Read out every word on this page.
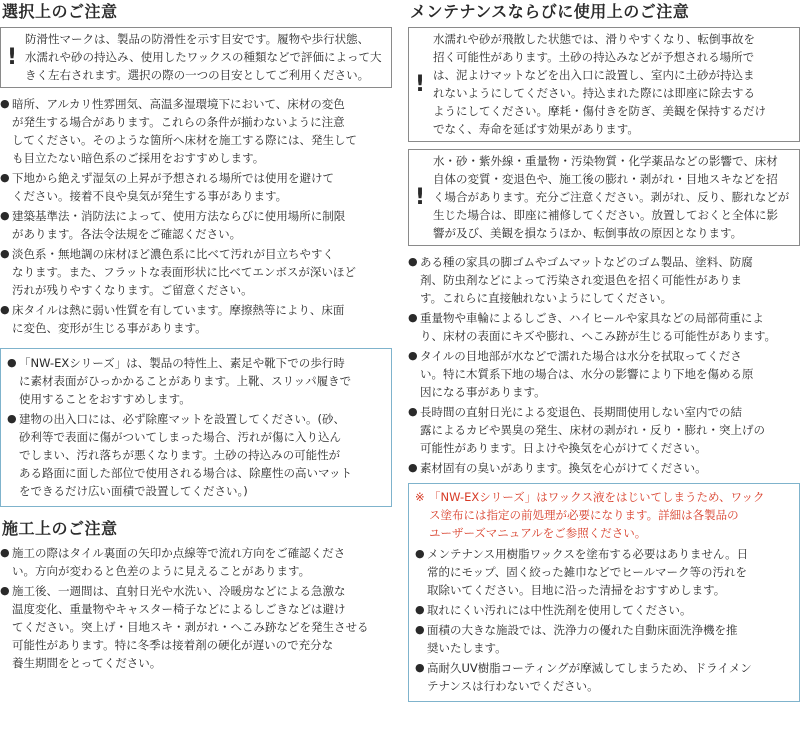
選択上のご注意
!
防滑性マークは、製品の防滑性を示す目安です。履物や歩行状態、
水濡れや砂の持込み、使用したワックスの種類などで評価によって大
きく左右されます。選択の際の一つの目安としてご利用ください。
● 暗所、アルカリ性雰囲気、高温多湿環境下において、床材の変色
が発生する場合があります。これらの条件が揃わないように注意
してください。そのような箇所へ床材を施工する際には、発生して
も目立たない暗色系のご採用をおすすめします。
● 下地から絶えず湿気の上昇が予想される場所では使用を避けて
ください。接着不良や臭気が発生する事があります。
● 建築基準法・消防法によって、使用方法ならびに使用場所に制限
があります。各法令法規をご確認ください。
● 淡色系・無地調の床材ほど濃色系に比べて汚れが目立ちやすく
なります。また、フラットな表面形状に比べてエンボスが深いほど
汚れが残りやすくなります。ご留意ください。
● 床タイルは熱に弱い性質を有しています。摩擦熱等により、床面
に変色、変形が生じる事があります。
● 「NW-EXシリーズ」は、製品の特性上、素足や靴下での歩行時
に素材表面がひっかかることがあります。上靴、スリッパ履きで
使用することをおすすめします。
● 建物の出入口には、必ず除塵マットを設置してください。(砂、
砂利等で表面に傷がついてしまった場合、汚れが傷に入り込ん
でしまい、汚れ落ちが悪くなります。土砂の持込みの可能性が
ある路面に面した部位で使用される場合は、除塵性の高いマット
をできるだけ広い面積で設置してください。)
施工上のご注意
● 施工の際はタイル裏面の矢印か点線等で流れ方向をご確認くださ
い。方向が変わると色差のように見えることがあります。
● 施工後、一週間は、直射日光や水洗い、冷暖房などによる急激な
温度変化、重量物やキャスター椅子などによるしごきなどは避け
てください。突上げ・目地スキ・剥がれ・へこみ跡などを発生させる
可能性があります。特に冬季は接着剤の硬化が遅いので充分な
養生期間をとってください。
メンテナンスならびに使用上のご注意
!
水濡れや砂が飛散した状態では、滑りやすくなり、転倒事故を
招く可能性があります。土砂の持込みなどが予想される場所で
は、泥よけマットなどを出入口に設置し、室内に土砂が持込ま
れないようにしてください。持込まれた際には即座に除去する
ようにしてください。摩耗・傷付きを防ぎ、美観を保持するだけ
でなく、寿命を延ばす効果があります。
!
水・砂・紫外線・重量物・汚染物質・化学薬品などの影響で、床材
自体の変質・変退色や、施工後の膨れ・剥がれ・目地スキなどを招
く場合があります。充分ご注意ください。剥がれ、反り、膨れなどが
生じた場合は、即座に補修してください。放置しておくと全体に影
響が及び、美観を損なうほか、転倒事故の原因となります。
● ある種の家具の脚ゴムやゴムマットなどのゴム製品、塗料、防腐
剤、防虫剤などによって汚染され変退色を招く可能性がありま
す。これらに直接触れないようにしてください。
● 重量物や車輪によるしごき、ハイヒールや家具などの局部荷重によ
り、床材の表面にキズや膨れ、へこみ跡が生じる可能性があります。
● タイルの目地部が水などで濡れた場合は水分を拭取ってくださ
い。特に木質系下地の場合は、水分の影響により下地を傷める原
因になる事があります。
● 長時間の直射日光による変退色、長期間使用しない室内での結
露によるカビや異臭の発生、床材の剥がれ・反り・膨れ・突上げの
可能性があります。日よけや換気を心がけてください。
● 素材固有の臭いがあります。換気を心がけてください。
※ 「NW-EXシリーズ」はワックス液をはじいてしまうため、ワック
ス塗布には指定の前処理が必要になります。詳細は各製品の
ユーザーズマニュアルをご参照ください。
● メンテナンス用樹脂ワックスを塗布する必要はありません。日
常的にモップ、固く絞った雑巾などでヒールマーク等の汚れを
取除いてください。目地に沿った清掃をおすすめします。
● 取れにくい汚れには中性洗剤を使用してください。
● 面積の大きな施設では、洗浄力の優れた自動床面洗浄機を推
奨いたします。
● 高耐久UV樹脂コーティングが摩滅してしまうため、ドライメン
テナンスは行わないでください。
